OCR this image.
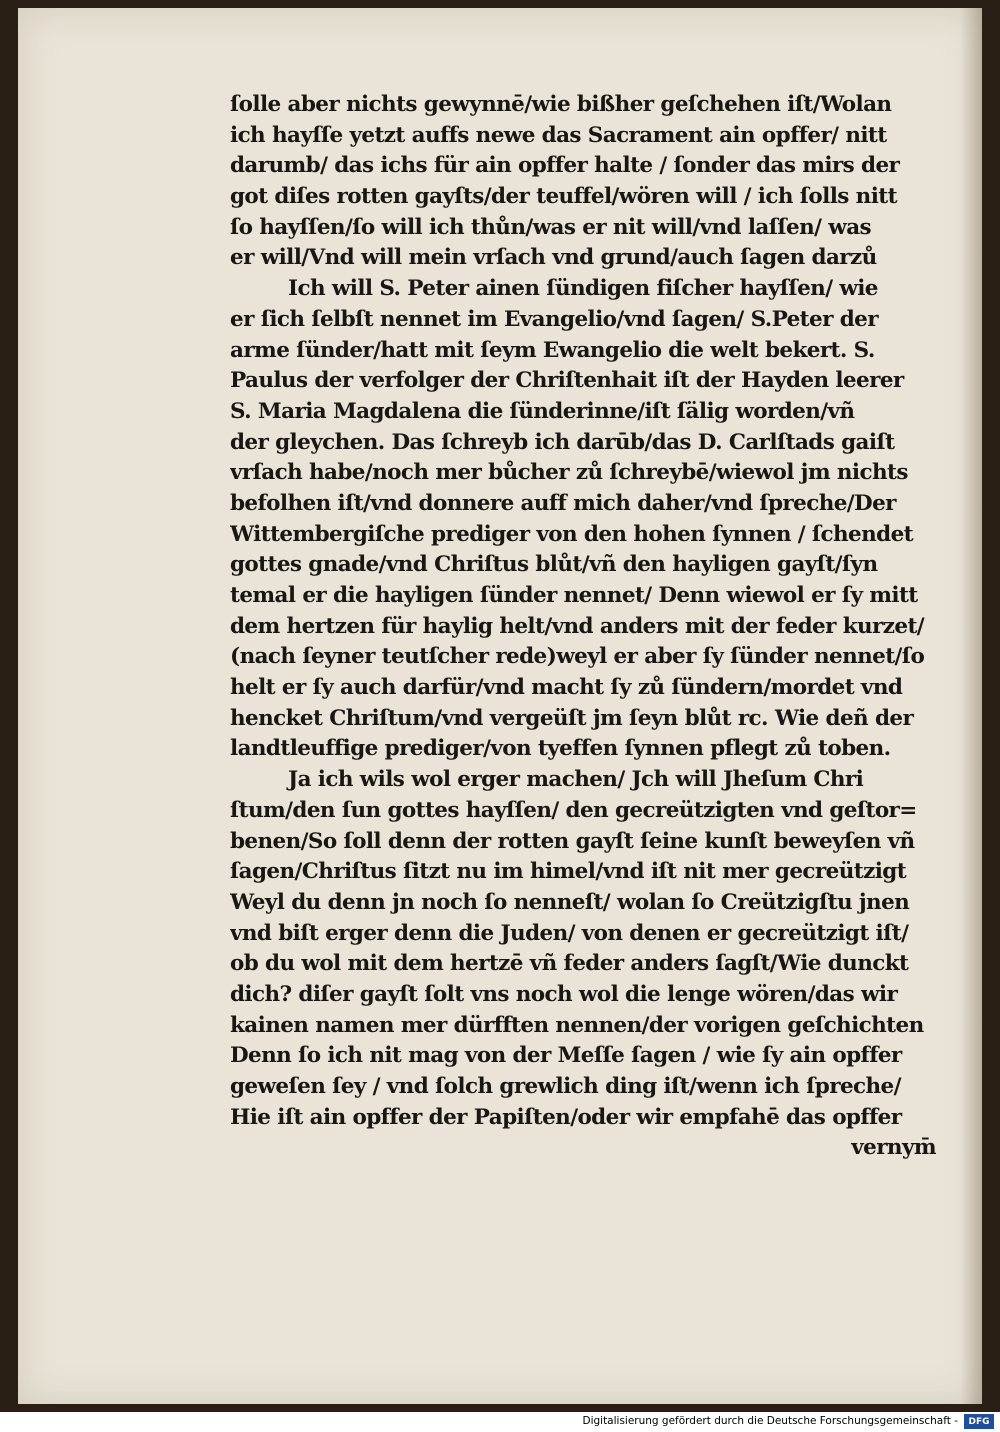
ſolle aber nichts gewynnē/wie bißher geſchehen iſt/Wolan
ich hayſſe yetzt auffs newe das Sacrament ain opffer/ nitt
darumb/ das ichs für ain opffer halte / ſonder das mirs der
got diſes rotten gayſts/der teuffel/wören will / ich ſolls nitt
ſo hayſſen/ſo will ich thůn/was er nit will/vnd laſſen/ was
er will/Vnd will mein vrſach vnd grund/auch ſagen darzů
Ich will S. Peter ainen ſündigen fiſcher hayſſen/ wie
er ſich ſelbſt nennet im Evangelio/vnd ſagen/ S.Peter der
arme ſünder/hatt mit ſeym Ewangelio die welt bekert. S.
Paulus der verfolger der Chriſtenhait iſt der Hayden leerer
S. Maria Magdalena die ſünderinne/iſt ſälig worden/vñ
der gleychen. Das ſchreyb ich darūb/das D. Carlſtads gaiſt
vrſach habe/noch mer bůcher zů ſchreybē/wiewol jm nichts
befolhen iſt/vnd donnere auff mich daher/vnd ſpreche/Der
Wittembergiſche prediger von den hohen ſynnen / ſchendet
gottes gnade/vnd Chriſtus blůt/vñ den hayligen gayſt/ſyn
temal er die hayligen ſünder nennet/ Denn wiewol er ſy mitt
dem hertzen für haylig helt/vnd anders mit der feder kurzet/
(nach ſeyner teutſcher rede)weyl er aber ſy ſünder nennet/ſo
helt er ſy auch darfür/vnd macht ſy zů ſündern/mordet vnd
hencket Chriſtum/vnd vergeüſt jm ſeyn blůt rc. Wie deñ der
landtleuffige prediger/von tyeffen ſynnen pflegt zů toben.
Ja ich wils wol erger machen/ Jch will Jheſum Chri
ſtum/den ſun gottes hayſſen/ den gecreützigten vnd geſtor=
benen/So ſoll denn der rotten gayſt ſeine kunſt beweyſen vñ
ſagen/Chriſtus ſitzt nu im himel/vnd iſt nit mer gecreützigt
Weyl du denn jn noch ſo nenneſt/ wolan ſo Creützigſtu jnen
vnd biſt erger denn die Juden/ von denen er gecreützigt iſt/
ob du wol mit dem hertzē vñ feder anders ſagſt/Wie dunckt
dich? diſer gayſt ſolt vns noch wol die lenge wören/das wir
kainen namen mer dürfften nennen/der vorigen geſchichten
Denn ſo ich nit mag von der Meſſe ſagen / wie ſy ain opffer
geweſen ſey / vnd ſolch grewlich ding iſt/wenn ich ſpreche/
Hie iſt ain opffer der Papiſten/oder wir empfahē das opffer
vernym̄
Digitalisierung gefördert durch die Deutsche Forschungsgemeinschaft -	DFG
